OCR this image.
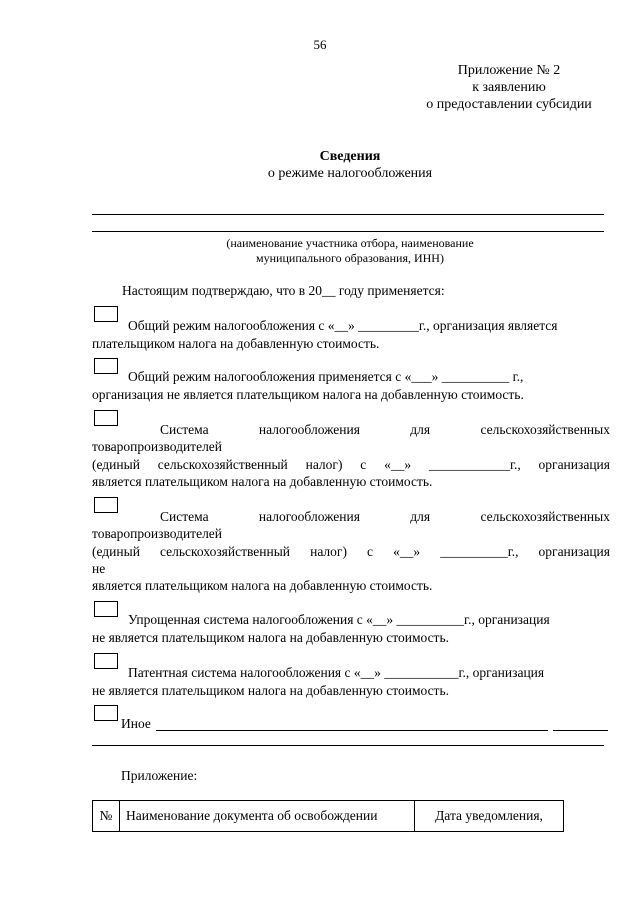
56
Приложение № 2
к заявлению
о предоставлении субсидии
Сведения
о режиме налогообложения
(наименование участника отбора, наименование
муниципального образования, ИНН)
Настоящим подтверждаю, что в 20__ году применяется:
Общий режим налогообложения с «__» _________г., организация является
плательщиком налога на добавленную стоимость.
Общий режим налогообложения применяется с «___» __________ г.,
организация не является плательщиком налога на добавленную стоимость.
Система	налогообложения	для	сельскохозяйственных
товаропроизводителей
(единый сельскохозяйственный налог) с «__» ____________г., организация
является плательщиком налога на добавленную стоимость.
Система	налогообложения	для	сельскохозяйственных
товаропроизводителей
(единый сельскохозяйственный налог) с «__» __________г., организация
не
является плательщиком налога на добавленную стоимость.
Упрощенная система налогообложения с «__» __________г., организация
не является плательщиком налога на добавленную стоимость.
Патентная система налогообложения с «__» ___________г., организация
не является плательщиком налога на добавленную стоимость.
Иное
Приложение:
№	Наименование документа об освобождении	Дата уведомления,
